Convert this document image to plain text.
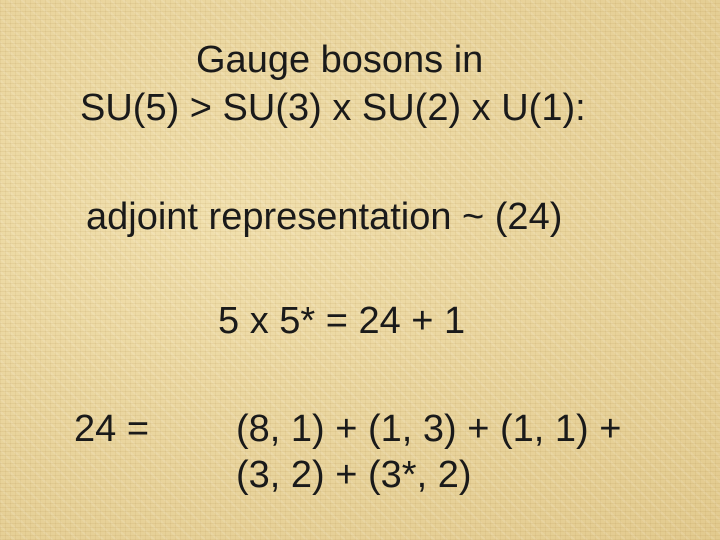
Gauge bosons in
SU(5) > SU(3) x SU(2) x U(1):
adjoint representation ~ (24)
5 x 5* = 24 + 1
24 = (8, 1) + (1, 3) + (1, 1) +
(3, 2) + (3*, 2)
